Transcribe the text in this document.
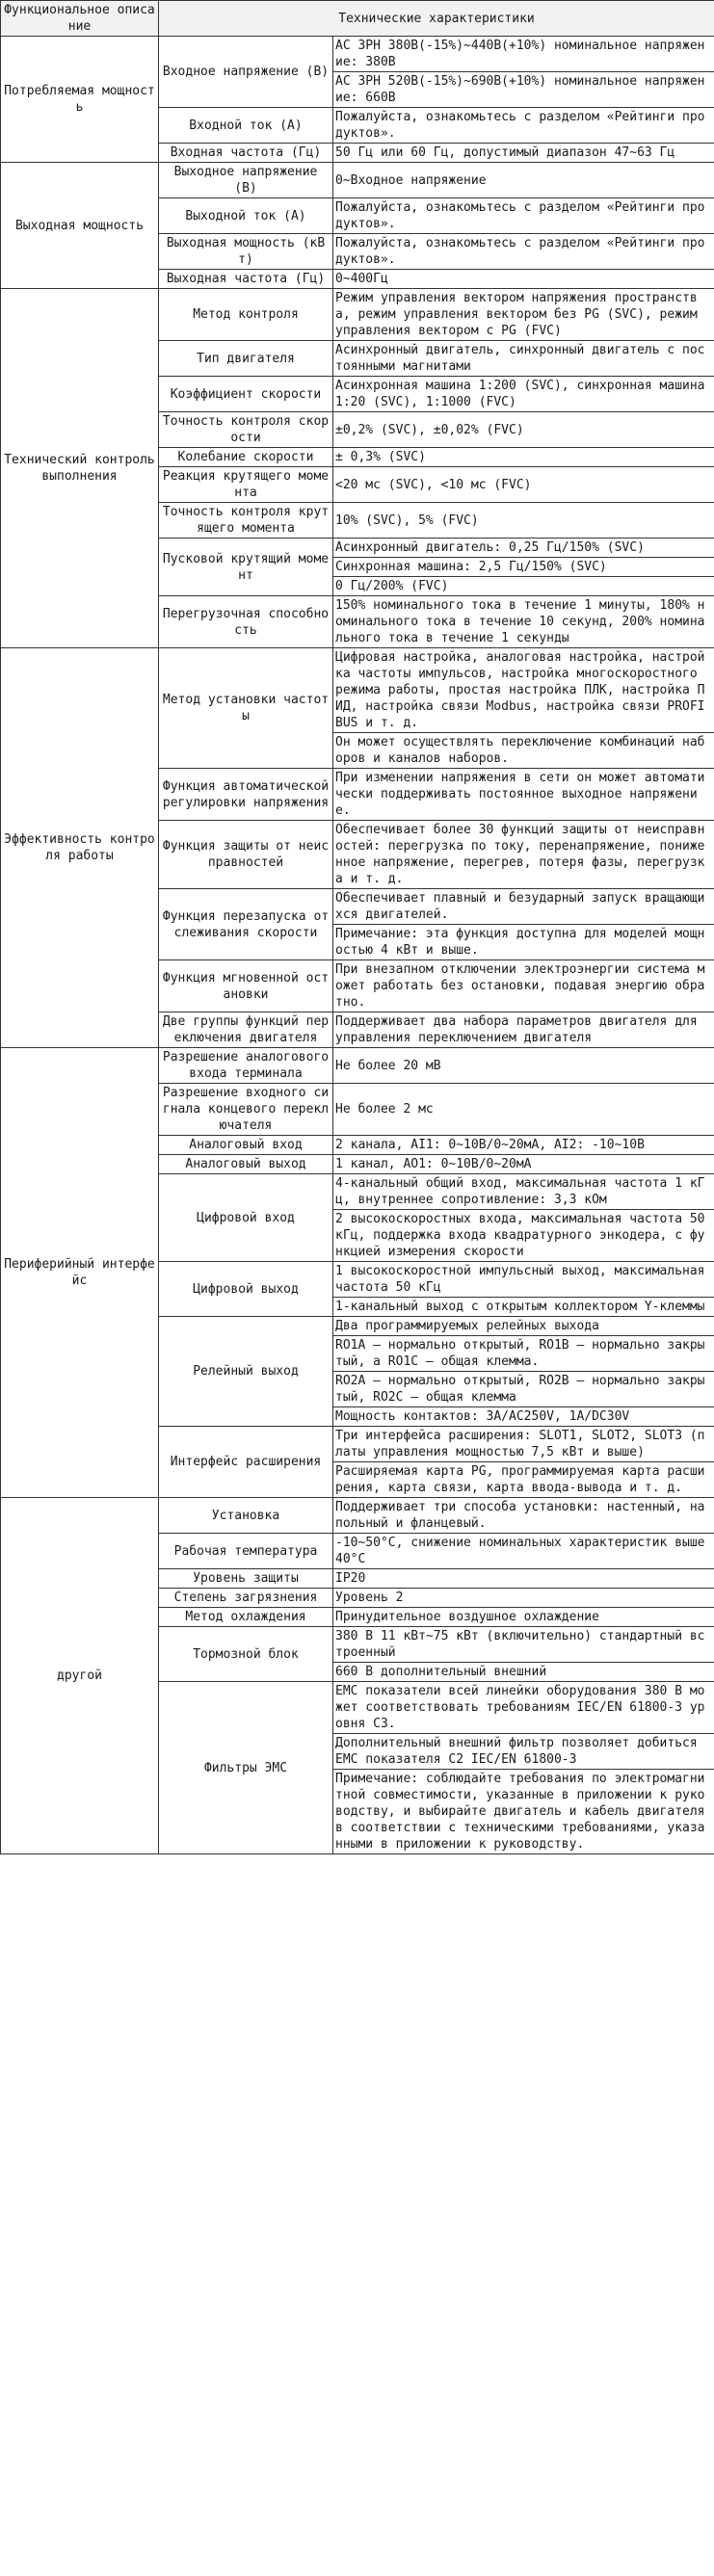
Функциональное описание	Технические характеристики	
Потребляемая мощность	Входное напряжение (В)	AC 3PH 380В(-15%)~440В(+10%) номинальное напряжение: 380В
		AC 3PH 520В(-15%)~690В(+10%) номинальное напряжение: 660В
	Входной ток (А)	Пожалуйста, ознакомьтесь с разделом «Рейтинги продуктов».
	Входная частота (Гц)	50 Гц или 60 Гц, допустимый диапазон 47~63 Гц
Выходная мощность	Выходное напряжение (В)	0~Входное напряжение
	Выходной ток (А)	Пожалуйста, ознакомьтесь с разделом «Рейтинги продуктов».
	Выходная мощность (кВт)	Пожалуйста, ознакомьтесь с разделом «Рейтинги продуктов».
	Выходная частота (Гц)	0~400Гц
Технический контроль выполнения	Метод контроля	Режим управления вектором напряжения пространства, режим управления вектором без PG (SVC), режим управления вектором с PG (FVC)
	Тип двигателя	Асинхронный двигатель, синхронный двигатель с постоянными магнитами
	Коэффициент скорости	Асинхронная машина 1:200 (SVC), синхронная машина 1:20 (SVC), 1:1000 (FVC)
	Точность контроля скорости	±0,2% (SVC), ±0,02% (FVC)
	Колебание скорости	± 0,3% (SVC)
	Реакция крутящего момента	<20 мс (SVC), <10 мс (FVC)
	Точность контроля крутящего момента	10% (SVC), 5% (FVC)
	Пусковой крутящий момент	Асинхронный двигатель: 0,25 Гц/150% (SVC)
		Синхронная машина: 2,5 Гц/150% (SVC)
		0 Гц/200% (FVC)
	Перегрузочная способность	150% номинального тока в течение 1 минуты, 180% номинального тока в течение 10 секунд, 200% номинального тока в течение 1 секунды
Эффективность контроля работы	Метод установки частоты	Цифровая настройка, аналоговая настройка, настройка частоты импульсов, настройка многоскоростного режима работы, простая настройка ПЛК, настройка ПИД, настройка связи Modbus, настройка связи PROFIBUS и т. д.
		Он может осуществлять переключение комбинаций наборов и каналов наборов.
	Функция автоматической регулировки напряжения	При изменении напряжения в сети он может автоматически поддерживать постоянное выходное напряжение.
	Функция защиты от неисправностей	Обеспечивает более 30 функций защиты от неисправностей: перегрузка по току, перенапряжение, пониженное напряжение, перегрев, потеря фазы, перегрузка и т. д.
	Функция перезапуска отслеживания скорости	Обеспечивает плавный и безударный запуск вращающихся двигателей.
		Примечание: эта функция доступна для моделей мощностью 4 кВт и выше.
	Функция мгновенной остановки	При внезапном отключении электроэнергии система может работать без остановки, подавая энергию обратно.
	Две группы функций переключения двигателя	Поддерживает два набора параметров двигателя для управления переключением двигателя
Периферийный интерфейс	Разрешение аналогового входа терминала	Не более 20 мВ
	Разрешение входного сигнала концевого переключателя	Не более 2 мс
	Аналоговый вход	2 канала, AI1: 0~10В/0~20мА, AI2: -10~10В
	Аналоговый выход	1 канал, AO1: 0~10В/0~20мА
	Цифровой вход	4-канальный общий вход, максимальная частота 1 кГц, внутреннее сопротивление: 3,3 кОм
		2 высокоскоростных входа, максимальная частота 50 кГц, поддержка входа квадратурного энкодера, с функцией измерения скорости
	Цифровой выход	1 высокоскоростной импульсный выход, максимальная частота 50 кГц
		1-канальный выход с открытым коллектором Y-клеммы
	Релейный выход	Два программируемых релейных выхода
		RO1A — нормально открытый, RO1B — нормально закрытый, а RO1C — общая клемма.
		RO2A — нормально открытый, RO2B — нормально закрытый, RO2C — общая клемма
		Мощность контактов: 3A/AC250V, 1A/DC30V
	Интерфейс расширения	Три интерфейса расширения: SLOT1, SLOT2, SLOT3 (платы управления мощностью 7,5 кВт и выше)
		Расширяемая карта PG, программируемая карта расширения, карта связи, карта ввода-вывода и т. д.
другой	Установка	Поддерживает три способа установки: настенный, напольный и фланцевый.
	Рабочая температура	-10~50°C, снижение номинальных характеристик выше 40°C
	Уровень защиты	IP20
	Степень загрязнения	Уровень 2
	Метод охлаждения	Принудительное воздушное охлаждение
	Тормозной блок	380 В 11 кВт~75 кВт (включительно) стандартный встроенный
		660 В дополнительный внешний
	Фильтры ЭМС	EMC показатели всей линейки оборудования 380 В может соответствовать требованиям IEC/EN 61800-3 уровня C3.
		Дополнительный внешний фильтр позволяет добиться EMC показателя C2 IEC/EN 61800-3
		Примечание: соблюдайте требования по электромагнитной совместимости, указанные в приложении к руководству, и выбирайте двигатель и кабель двигателя в соответствии с техническими требованиями, указанными в приложении к руководству.
